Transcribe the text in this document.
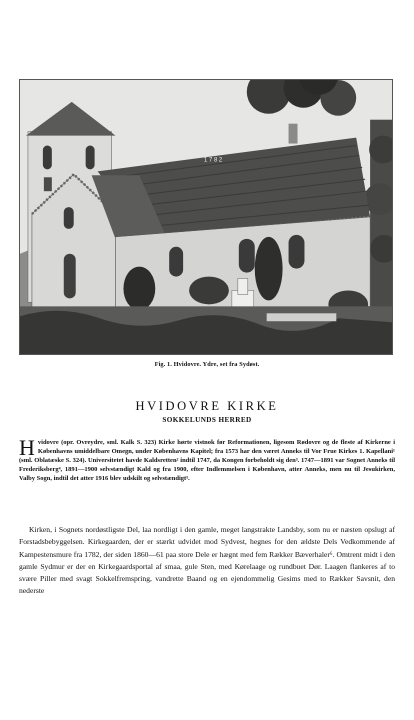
1 7 8 2
Fig. 1. Hvidovre. Ydre, set fra Sydøst.
HVIDOVRE KIRKE
SOKKELUNDS HERRED
Hvidovre (opr. Ovreydre, sml. Kalk S. 323) Kirke hørte vistnok før Reformationen, ligesom Rødovre og de fleste af Kirkerne i Københavns umiddelbare Omegn, under Københavns Kapitel; fra 1573 har den været Anneks til Vor Frue Kirkes 1. Kapellani¹ (sml. Oblatæske S. 324). Universitetet havde Kaldsretten² indtil 1747, da Kongen forbeholdt sig den³. 1747—1891 var Sognet Anneks til Frederiksberg⁴, 1891—1900 selvstændigt Kald og fra 1900, efter Indlemmelsen i København, atter Anneks, men nu til Jesukirken, Valby Sogn, indtil det atter 1916 blev udskilt og selvstændigt⁵.
Kirken, i Sognets nordøstligste Del, laa nordligt i den gamle, meget langstrakte Landsby, som nu er næsten opslugt af Forstadsbebyggelsen. Kirkegaarden, der er stærkt udvidet mod Sydvest, hegnes for den ældste Dels Vedkommende af Kampestensmure fra 1782, der siden 1860—61 paa store Dele er hægnt med fem Rækker Bæverhaler⁶. Omtrent midt i den gamle Sydmur er der en Kirkegaardsportal af smaa, gule Sten, med Kørelaage og rundbuet Dør. Laagen flankeres af to svære Piller med svagt Sokkelfremspring, vandrette Baand og en ejendommelig Gesims med to Rækker Savsnit, den nederste
